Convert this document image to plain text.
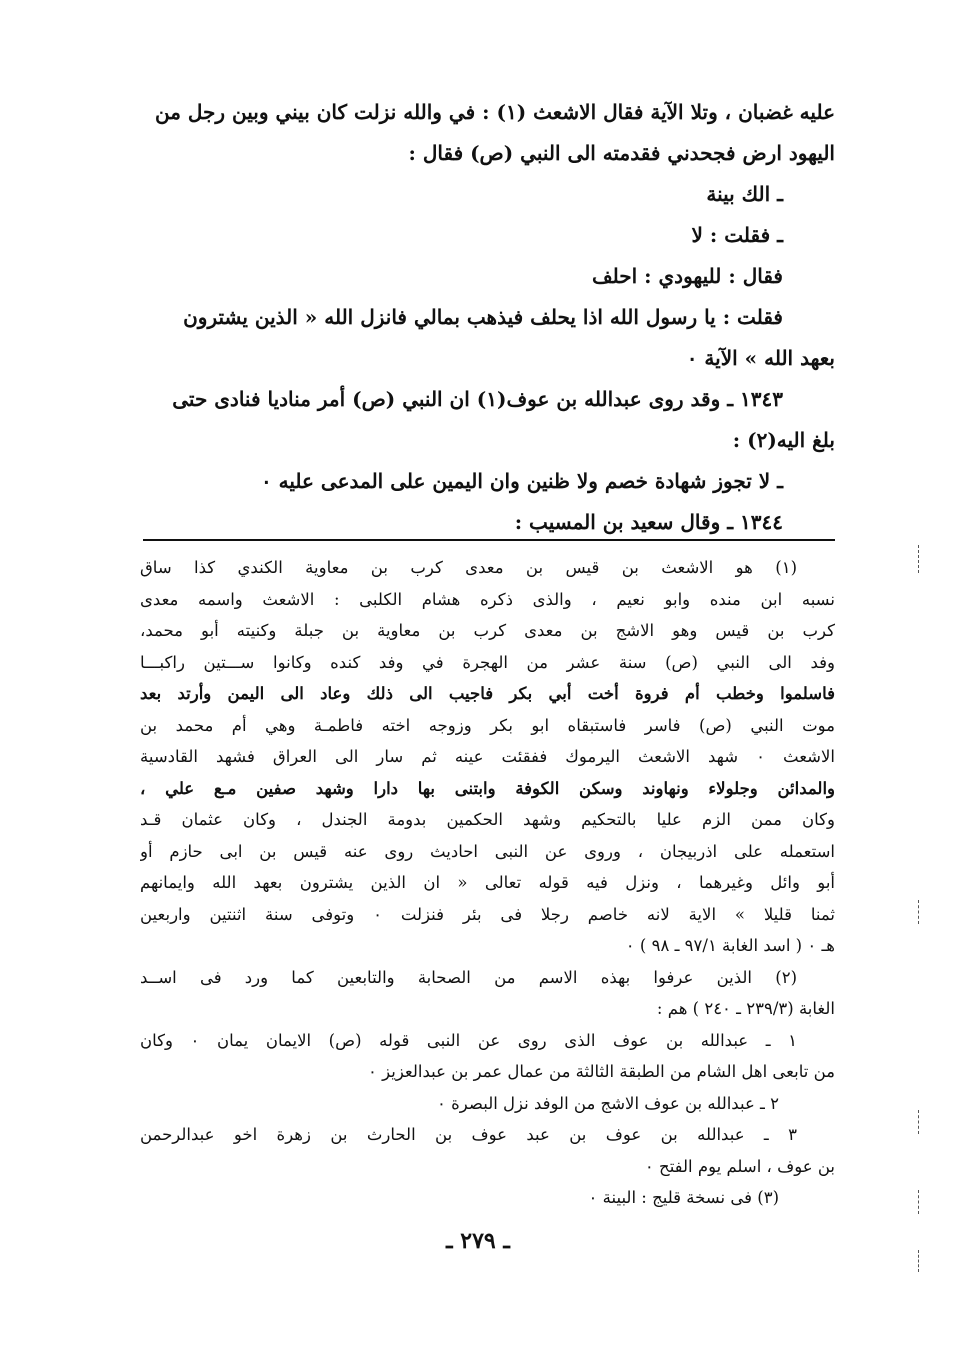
عليه غضبان ، وتلا الآية فقال الاشعث (١) : في والله نزلت كان بيني وبين رجل من
اليهود ارض فجحدني فقدمته الى النبي (ص) فقال :
ـ الك بينة
ـ فقلت : لا
فقال : لليهودي : احلف
فقلت : يا رسول الله اذا يحلف فيذهب بمالي فانزل الله « الذين يشترون
بعهد الله » الآية ٠
١٣٤٣ ـ وقد روى عبدالله بن عوف(١) ان النبي (ص) أمر مناديا فنادى حتى
بلغ اليه(٢) :
ـ لا تجوز شهادة خصم ولا ظنين وان اليمين على المدعى عليه ٠
١٣٤٤ ـ وقال سعيد بن المسيب :
(١) هو الاشعث بن قيس بن معدى كرب بن معاوية الكندي كذا ساق
نسبه ابن منده وابو نعيم ، والذى ذكره هشام الكلبى : الاشعث واسمه معدى
كرب بن قيس وهو الاشج بن معدى كرب بن معاوية بن جبلة وكنيته أبو محمد،
وفد الى النبي (ص) سنة عشر من الهجرة في وفد كنده وكانوا ســـتين راكبـــا
فاسلموا وخطب أم فروة أخت أبي بكر فاجيب الى ذلك وعاد الى اليمن وأرتد بعد
موت النبي (ص) فاسر فاستبقاه ابو بكر وزوجه اخته فاطمـة وهي أم محمد بن
الاشعث ٠ شهد الاشعث اليرموك ففقئت عينه ثم سار الى العراق فشهد القادسية
والمدائن وجلولاء ونهاوند وسكن الكوفة وابتنى بها دارا وشهد صفين مـع علي ،
وكان ممن الزم عليا بالتحكيم وشهد الحكمين بدومة الجندل ، وكان عثمان قـد
استعمله على اذربيجان ، وروى عن النبى احاديث روى عنه قيس بن ابى حازم أو
أبو وائل وغيرهما ، ونزل فيه قوله تعالى « ان الذين يشترون بعهد الله وايمانهم
ثمنا قليلا » الاية لانه خاصم رجلا فى بئر فنزلت ٠ وتوفى سنة اثنتين واربعين
هـ ٠ ( اسد الغابة ٩٧/١ ـ ٩٨ ) ٠
(٢) الذين عرفوا بهذه الاسم من الصحابة والتابعين كما ورد فى اســد
الغابة (٢٣٩/٣ ـ ٢٤٠ ) هم :
١ ـ عبدالله بن عوف الذى روى عن النبى قوله (ص) الايمان يمان ٠ وكان
من تابعى اهل الشام من الطبقة الثالثة من عمال عمر بن عبدالعزيز ٠
٢ ـ عبدالله بن عوف الاشج من الوفد نزل البصرة ٠
٣ ـ عبدالله بن عوف بن عبد عوف بن الحارث بن زهرة اخو عبدالرحمن
بن عوف ، اسلم يوم الفتح ٠
(٣) فى نسخة قليج : البينة ٠
ـ ٢٧٩ ـ
